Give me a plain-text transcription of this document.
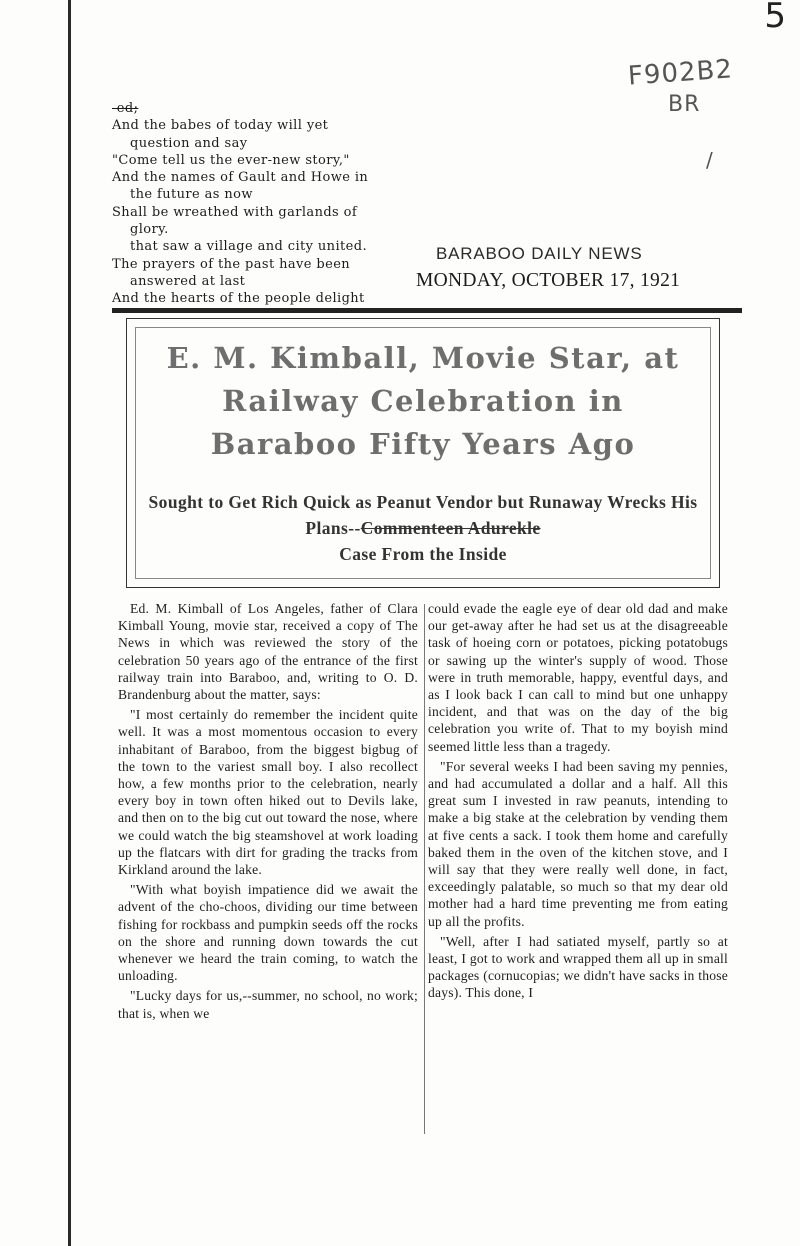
5
F902B2
BR
/
-ed;
And the babes of today will yet
question and say
"Come tell us the ever-new story,"
And the names of Gault and Howe in
the future as now
Shall be wreathed with garlands of
glory.
that saw a village and city united.
The prayers of the past have been
answered at last
And the hearts of the people delight
BARABOO DAILY NEWS
MONDAY, OCTOBER 17, 1921
E. M. Kimball, Movie Star, at Railway Celebration in Baraboo Fifty Years Ago
Sought to Get Rich Quick as Peanut Vendor but Runaway Wrecks His Plans--Commenteen Adurekle
Case From the Inside

Ed. M. Kimball of Los Angeles, father of Clara Kimball Young, movie star, received a copy of The News in which was reviewed the story of the celebration 50 years ago of the entrance of the first railway train into Baraboo, and, writing to O. D. Brandenburg about the matter, says:

"I most certainly do remember the incident quite well. It was a most momentous occasion to every inhabitant of Baraboo, from the biggest bigbug of the town to the variest small boy. I also recollect how, a few months prior to the celebration, nearly every boy in town often hiked out to Devils lake, and then on to the big cut out toward the nose, where we could watch the big steamshovel at work loading up the flatcars with dirt for grading the tracks from Kirkland around the lake.

"With what boyish impatience did we await the advent of the cho-choos, dividing our time between fishing for rockbass and pumpkin seeds off the rocks on the shore and running down towards the cut whenever we heard the train coming, to watch the unloading.

"Lucky days for us,--summer, no school, no work; that is, when we

could evade the eagle eye of dear old dad and make our get-away after he had set us at the disagreeable task of hoeing corn or potatoes, picking potatobugs or sawing up the winter's supply of wood. Those were in truth memorable, happy, eventful days, and as I look back I can call to mind but one unhappy incident, and that was on the day of the big celebration you write of. That to my boyish mind seemed little less than a tragedy.

"For several weeks I had been saving my pennies, and had accumulated a dollar and a half. All this great sum I invested in raw peanuts, intending to make a big stake at the celebration by vending them at five cents a sack. I took them home and carefully baked them in the oven of the kitchen stove, and I will say that they were really well done, in fact, exceedingly palatable, so much so that my dear old mother had a hard time preventing me from eating up all the profits.

"Well, after I had satiated myself, partly so at least, I got to work and wrapped them all up in small packages (cornucopias; we didn't have sacks in those days). This done, I
